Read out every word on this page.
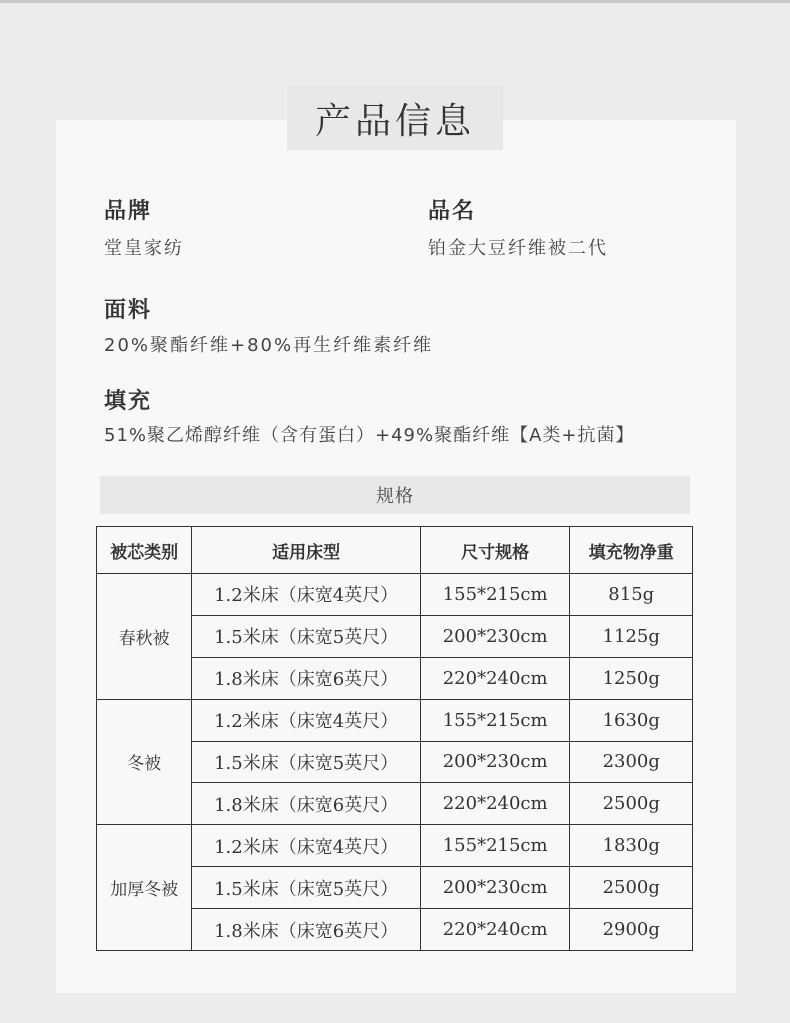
产品信息
品牌
堂皇家纺
品名
铂金大豆纤维被二代
面料
20%聚酯纤维+80%再生纤维素纤维
填充
51%聚乙烯醇纤维（含有蛋白）+49%聚酯纤维【A类+抗菌】
规格
被芯类别	适用床型	尺寸规格	填充物净重
春秋被	1.2米床（床宽4英尺）	155*215cm	815g
	1.5米床（床宽5英尺）	200*230cm	1125g
	1.8米床（床宽6英尺）	220*240cm	1250g
冬被	1.2米床（床宽4英尺）	155*215cm	1630g
	1.5米床（床宽5英尺）	200*230cm	2300g
	1.8米床（床宽6英尺）	220*240cm	2500g
加厚冬被	1.2米床（床宽4英尺）	155*215cm	1830g
	1.5米床（床宽5英尺）	200*230cm	2500g
	1.8米床（床宽6英尺）	220*240cm	2900g
